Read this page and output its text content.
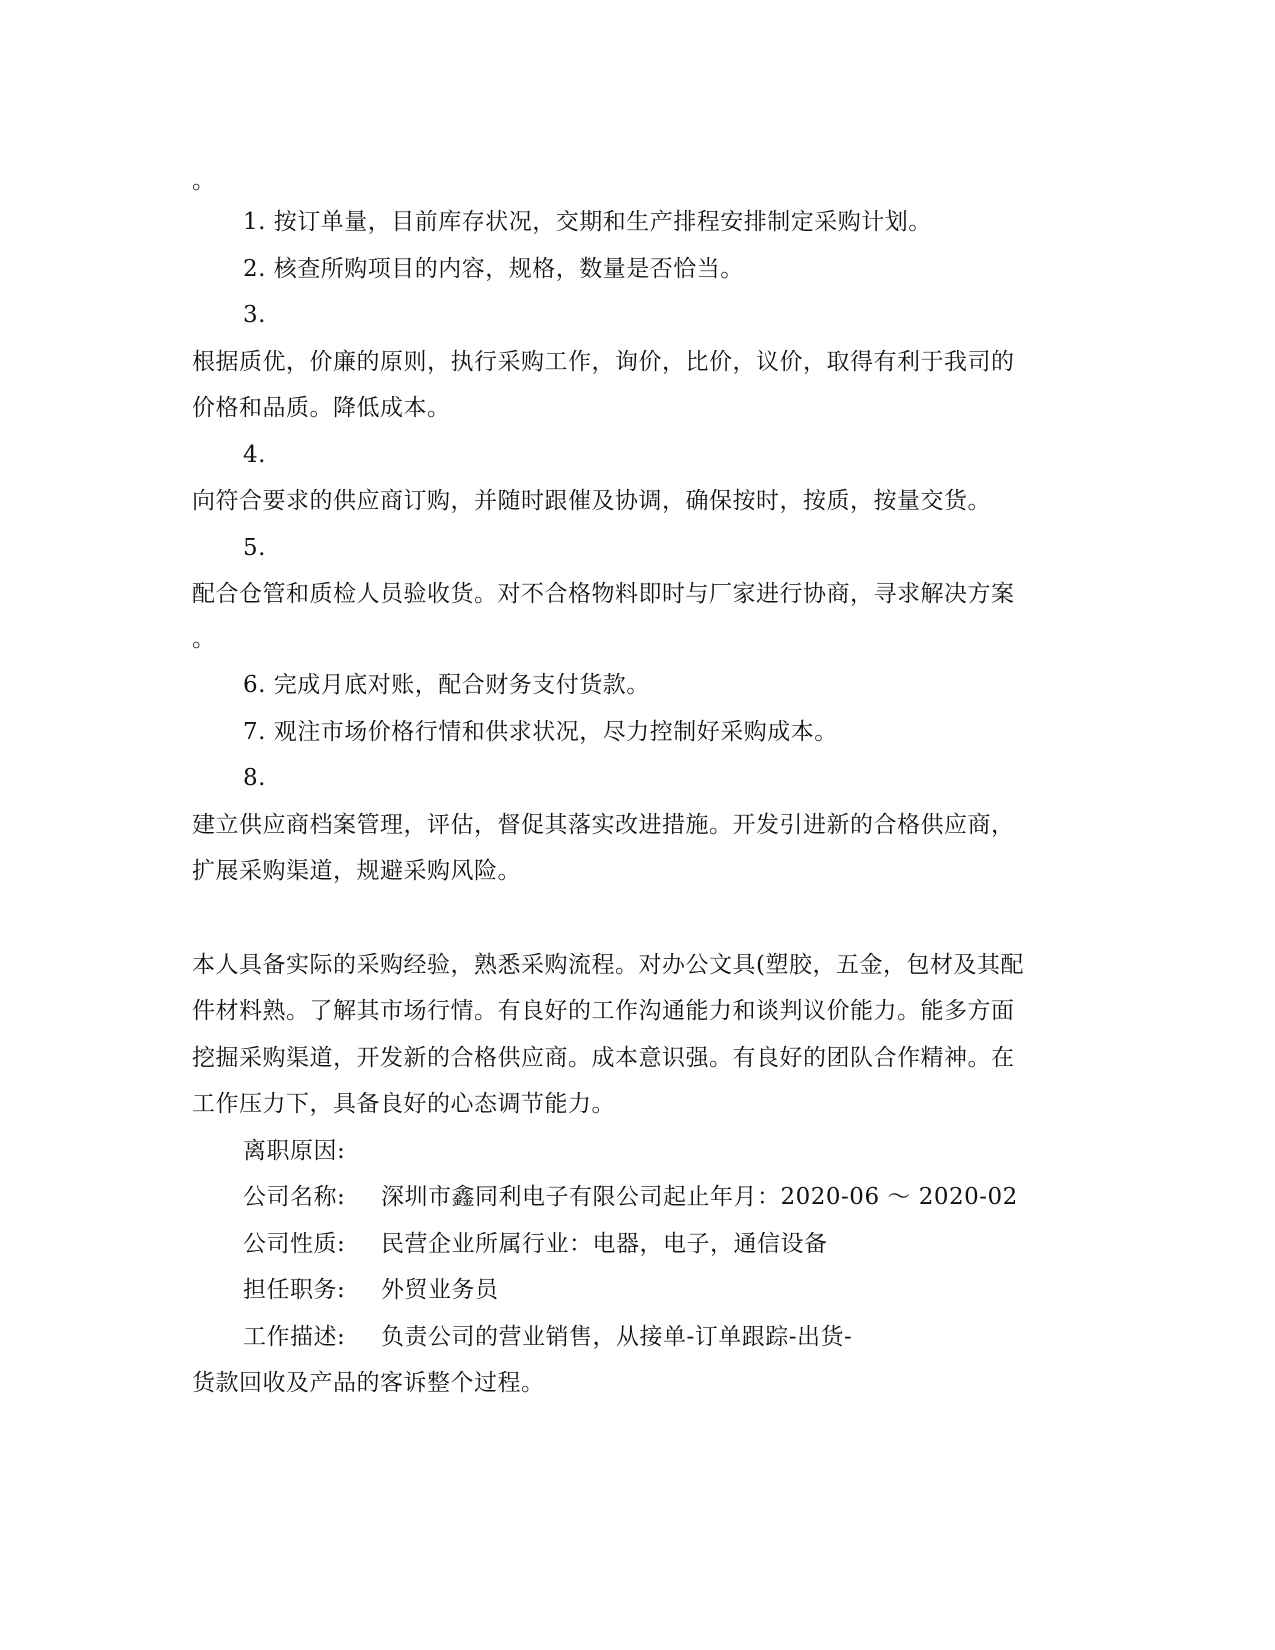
。
1. 按订单量，目前库存状况，交期和生产排程安排制定采购计划。
2. 核查所购项目的内容，规格，数量是否恰当。
3.
根据质优，价廉的原则，执行采购工作，询价，比价，议价，取得有利于我司的
价格和品质。降低成本。
4.
向符合要求的供应商订购，并随时跟催及协调，确保按时，按质，按量交货。
5.
配合仓管和质检人员验收货。对不合格物料即时与厂家进行协商，寻求解决方案
。
6. 完成月底对账，配合财务支付货款。
7. 观注市场价格行情和供求状况，尽力控制好采购成本。
8.
建立供应商档案管理，评估，督促其落实改进措施。开发引进新的合格供应商，
扩展采购渠道，规避采购风险。
本人具备实际的采购经验，熟悉采购流程。对办公文具(塑胶，五金，包材及其配
件材料熟。了解其市场行情。有良好的工作沟通能力和谈判议价能力。能多方面
挖掘采购渠道，开发新的合格供应商。成本意识强。有良好的团队合作精神。在
工作压力下，具备良好的心态调节能力。
离职原因:
公司名称: 深圳市鑫同利电子有限公司起止年月：2020-06 ～ 2020-02
公司性质: 民营企业所属行业：电器，电子，通信设备
担任职务: 外贸业务员
工作描述: 负责公司的营业销售，从接单-订单跟踪-出货-
货款回收及产品的客诉整个过程。
